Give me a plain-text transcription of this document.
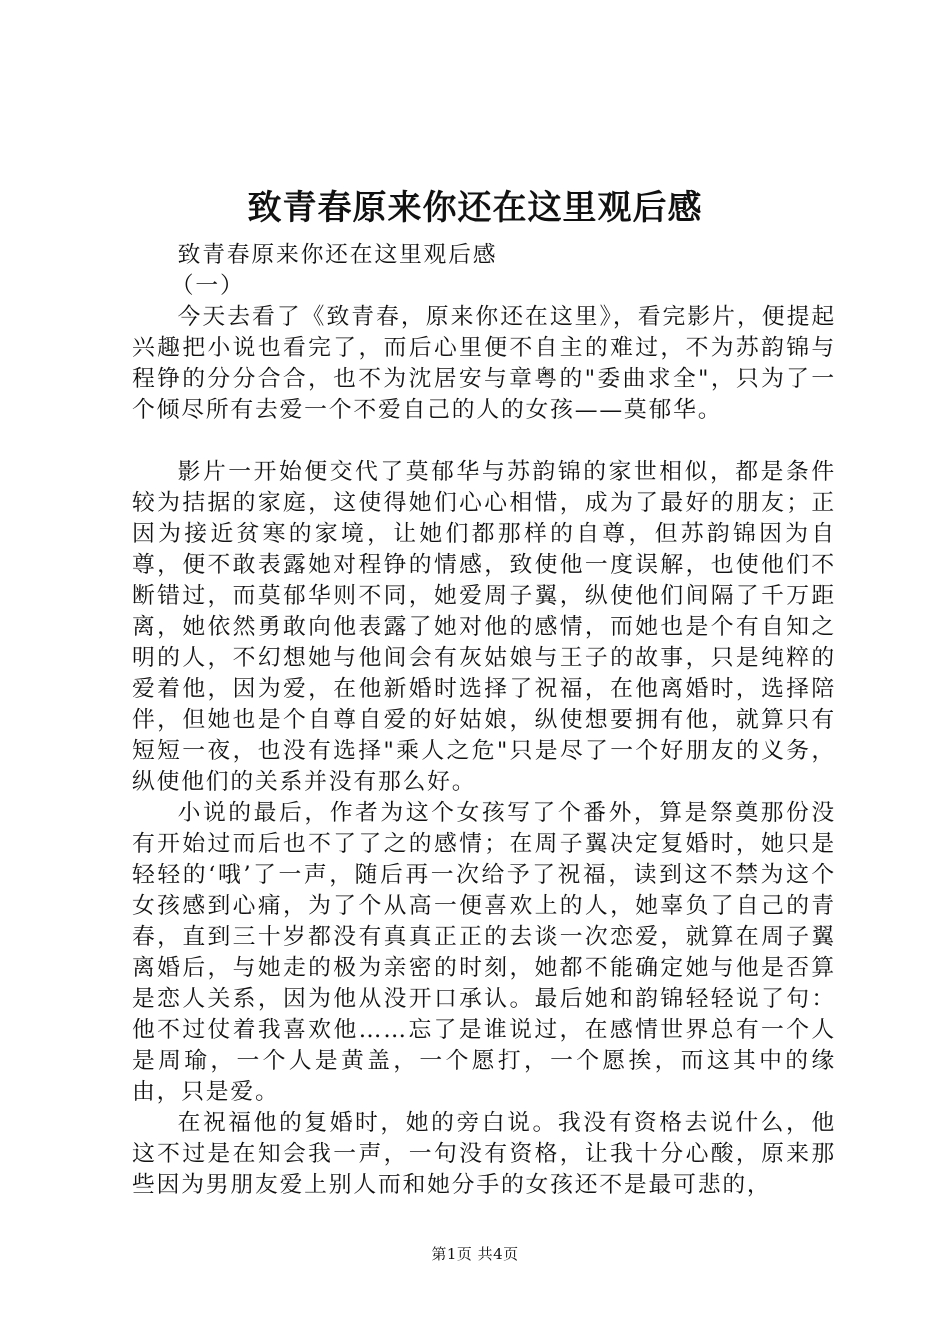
致青春原来你还在这里观后感

致青春原来你还在这里观后感

（一）

今天去看了《致青春，原来你还在这里》，看完影片，便提起兴趣把小说也看完了，而后心里便不自主的难过，不为苏韵锦与程铮的分分合合，也不为沈居安与章粤的"委曲求全"，只为了一个倾尽所有去爱一个不爱自己的人的女孩——莫郁华。

影片一开始便交代了莫郁华与苏韵锦的家世相似，都是条件较为拮据的家庭，这使得她们心心相惜，成为了最好的朋友；正因为接近贫寒的家境，让她们都那样的自尊，但苏韵锦因为自尊，便不敢表露她对程铮的情感，致使他一度误解，也使他们不断错过，而莫郁华则不同，她爱周子翼，纵使他们间隔了千万距离，她依然勇敢向他表露了她对他的感情，而她也是个有自知之明的人，不幻想她与他间会有灰姑娘与王子的故事，只是纯粹的爱着他，因为爱，在他新婚时选择了祝福，在他离婚时，选择陪伴，但她也是个自尊自爱的好姑娘，纵使想要拥有他，就算只有短短一夜，也没有选择"乘人之危"只是尽了一个好朋友的义务，纵使他们的关系并没有那么好。

小说的最后，作者为这个女孩写了个番外，算是祭奠那份没有开始过而后也不了了之的感情；在周子翼决定复婚时，她只是轻轻的‘哦’了一声，随后再一次给予了祝福，读到这不禁为这个女孩感到心痛，为了个从高一便喜欢上的人，她辜负了自己的青春，直到三十岁都没有真真正正的去谈一次恋爱，就算在周子翼离婚后，与她走的极为亲密的时刻，她都不能确定她与他是否算是恋人关系，因为他从没开口承认。最后她和韵锦轻轻说了句：他不过仗着我喜欢他……忘了是谁说过，在感情世界总有一个人是周瑜，一个人是黄盖，一个愿打，一个愿挨，而这其中的缘由，只是爱。

在祝福他的复婚时，她的旁白说。我没有资格去说什么，他这不过是在知会我一声，一句没有资格，让我十分心酸，原来那些因为男朋友爱上别人而和她分手的女孩还不是最可悲的，

第1页 共4页
